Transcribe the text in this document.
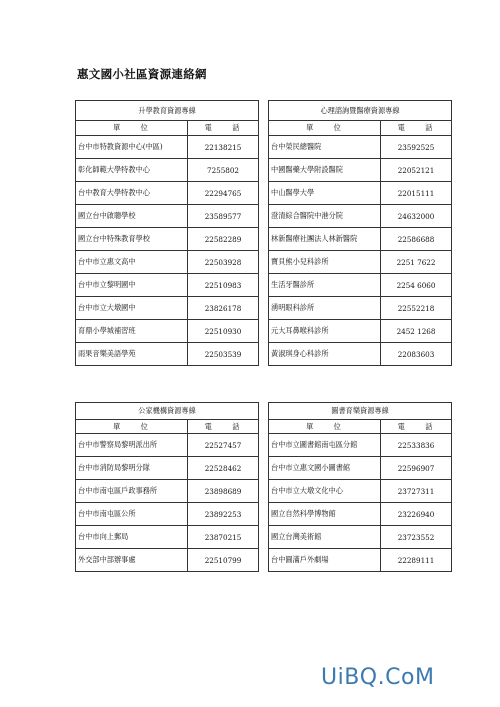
惠文國小社區資源連絡網
升學教育資源專線	
單　　位	電　　話
台中市特教資源中心(中區)	22138215
彰化師範大學特教中心	7255802
台中教育大學特教中心	22294765
國立台中啟聰學校	23589577
國立台中特殊教育學校	22582289
台中市立惠文高中	22503928
台中市立黎明國中	22510983
台中市立大墩國中	23826178
育鼎小學城補習班	22510930
雨果音樂美語學苑	22503539
心理諮詢暨醫療資源專線	
單　　位	電　　話
台中榮民總醫院	23592525
中國醫藥大學附設醫院	22052121
中山醫學大學	22015111
澄清綜合醫院中港分院	24632000
林新醫療社團法人林新醫院	22586688
寶貝熊小兒科診所	2251 7622
生活牙醫診所	2254 6060
湧明眼科診所	22552218
元大耳鼻喉科診所	2452 1268
黃淑琪身心科診所	22083603
公家機構資源專線	
單　　位	電　　話
台中市警察局黎明派出所	22527457
台中市消防局黎明分隊	22528462
台中市南屯區戶政事務所	23898689
台中市南屯區公所	23892253
台中市向上郵局	23870215
外交部中部辦事處	22510799
圖書育樂資源專線	
單　　位	電　　話
台中市立圖書館南屯區分館	22533836
台中市立惠文國小圖書館	22596907
台中市立大墩文化中心	23727311
國立自然科學博物館	23226940
國立台灣美術館	23723552
台中圓滿戶外劇場	22289111
UiBQ.CoM
